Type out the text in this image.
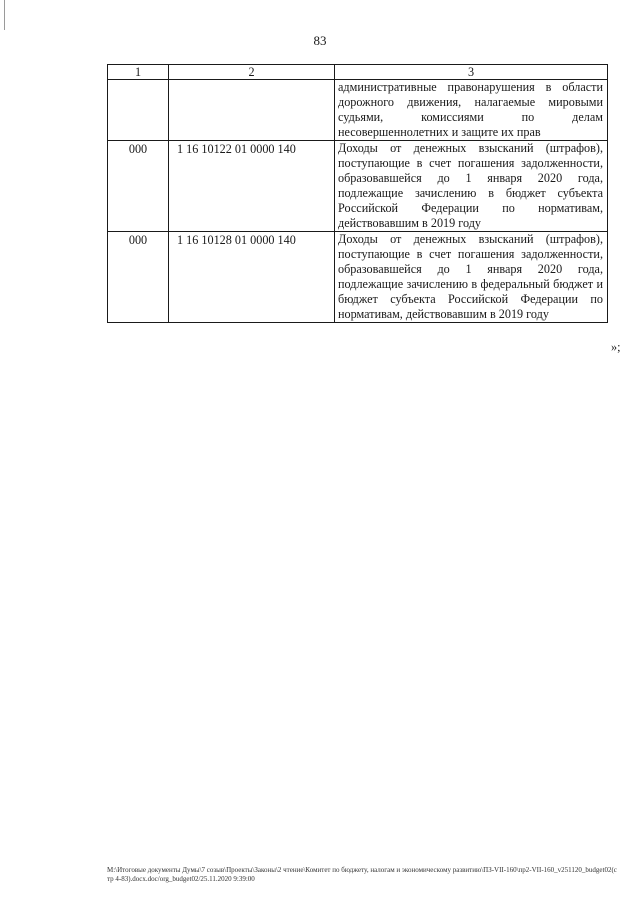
83
1	2	3
		административные правонарушения в области дорожного движения, налагаемые мировыми судьями, комиссиями по делам несовершеннолетних и защите их прав
000	1 16 10122 01 0000 140	Доходы от денежных взысканий (штрафов), поступающие в счет погашения задолженности, образовавшейся до 1 января 2020 года, подлежащие зачислению в бюджет субъекта Российской Федерации по нормативам, действовавшим в 2019 году
000	1 16 10128 01 0000 140	Доходы от денежных взысканий (штрафов), поступающие в счет погашения задолженности, образовавшейся до 1 января 2020 года, подлежащие зачислению в федеральный бюджет и бюджет субъекта Российской Федерации по нормативам, действовавшим в 2019 году
»;
М:\Итоговые документы Думы\7 созыв\Проекты\Законы\2 чтение\Комитет по бюджету, налогам и экономическому развитию\ПЗ-VII-160\пр2-VII-160_v251120_budget02(стр 4-83).docx.doc/org_budget02/25.11.2020 9:39:00
